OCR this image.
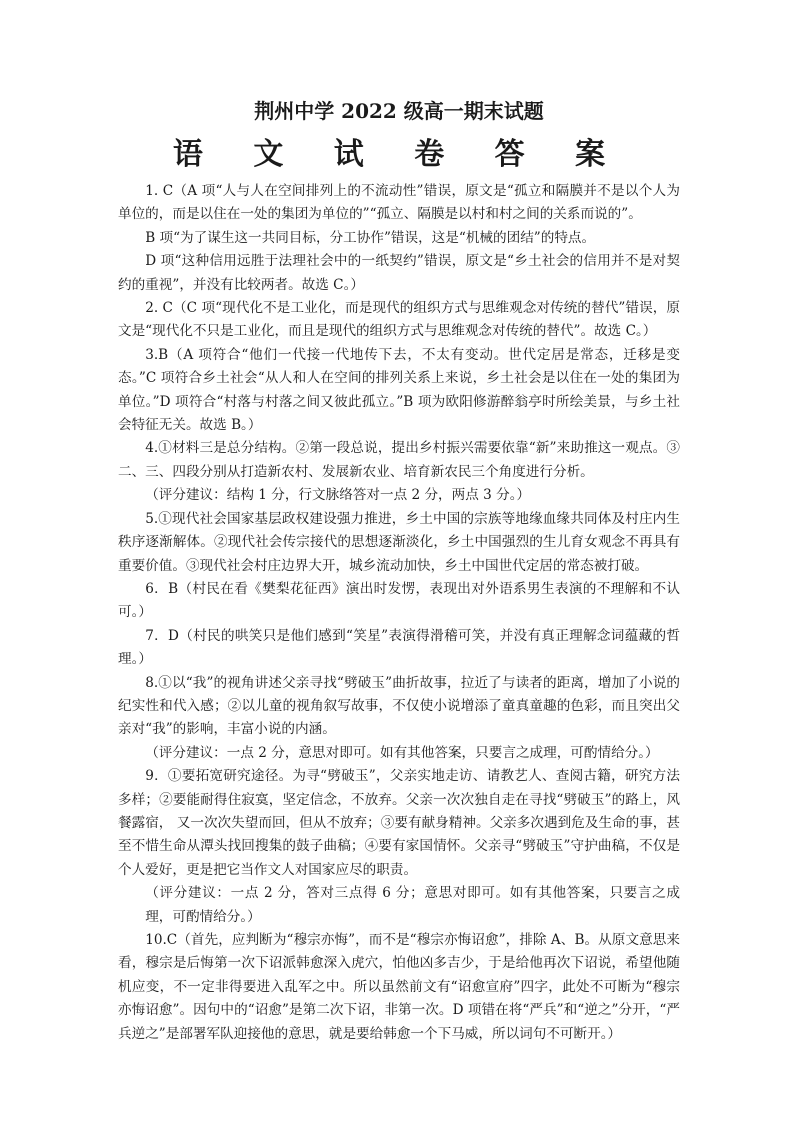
荆州中学 2022 级高一期末试题
语 文 试 卷 答 案

1. C（A 项“人与人在空间排列上的不流动性”错误，原文是“孤立和隔膜并不是以个人为单位的，而是以住在一处的集团为单位的”“孤立、隔膜是以村和村之间的关系而说的”。

B 项“为了谋生这一共同目标，分工协作”错误，这是“机械的团结”的特点。

D 项“这种信用远胜于法理社会中的一纸契约”错误，原文是“乡土社会的信用并不是对契约的重视”，并没有比较两者。故选 C。）

2. C（C 项“现代化不是工业化，而是现代的组织方式与思维观念对传统的替代”错误，原文是“现代化不只是工业化，而且是现代的组织方式与思维观念对传统的替代”。故选 C。）

3.B（A 项符合“他们一代接一代地传下去，不太有变动。世代定居是常态，迁移是变态。”C 项符合乡土社会“从人和人在空间的排列关系上来说，乡土社会是以住在一处的集团为单位。”D 项符合“村落与村落之间又彼此孤立。”B 项为欧阳修游醉翁亭时所绘美景，与乡土社会特征无关。故选 B。）

4.①材料三是总分结构。②第一段总说，提出乡村振兴需要依靠“新”来助推这一观点。③二、三、四段分别从打造新农村、发展新农业、培育新农民三个角度进行分析。

（评分建议：结构 1 分，行文脉络答对一点 2 分，两点 3 分。）

5.①现代社会国家基层政权建设强力推进，乡土中国的宗族等地缘血缘共同体及村庄内生秩序逐渐解体。②现代社会传宗接代的思想逐渐淡化，乡土中国强烈的生儿育女观念不再具有重要价值。③现代社会村庄边界大开，城乡流动加快，乡土中国世代定居的常态被打破。

6．B（村民在看《樊梨花征西》演出时发愣，表现出对外语系男生表演的不理解和不认可。）

7．D（村民的哄笑只是他们感到“笑星”表演得滑稽可笑，并没有真正理解念词蕴藏的哲理。）

8.①以“我”的视角讲述父亲寻找“劈破玉”曲折故事，拉近了与读者的距离，增加了小说的纪实性和代入感；②以儿童的视角叙写故事，不仅使小说增添了童真童趣的色彩，而且突出父亲对“我”的影响，丰富小说的内涵。

（评分建议：一点 2 分，意思对即可。如有其他答案，只要言之成理，可酌情给分。）

9．①要拓宽研究途径。为寻“劈破玉”，父亲实地走访、请教艺人、查阅古籍，研究方法多样；②要能耐得住寂寞，坚定信念，不放弃。父亲一次次独自走在寻找“劈破玉”的路上，风餐露宿， 又一次次失望而回，但从不放弃；③要有献身精神。父亲多次遇到危及生命的事，甚至不惜生命从潭头找回搜集的鼓子曲稿；④要有家国情怀。父亲寻“劈破玉”守护曲稿，不仅是个人爱好，更是把它当作文人对国家应尽的职责。

（评分建议：一点 2 分，答对三点得 6 分；意思对即可。如有其他答案，只要言之成理，可酌情给分。）

10.C（首先，应判断为“穆宗亦悔”，而不是“穆宗亦悔诏愈”，排除 A、B。从原文意思来看，穆宗是后悔第一次下诏派韩愈深入虎穴，怕他凶多吉少，于是给他再次下诏说，希望他随机应变，不一定非得要进入乱军之中。所以虽然前文有“诏愈宣府”四字，此处不可断为“穆宗亦悔诏愈”。因句中的“诏愈”是第二次下诏，非第一次。D 项错在将“严兵”和“逆之”分开，“严兵逆之”是部署军队迎接他的意思，就是要给韩愈一个下马威，所以词句不可断开。）
